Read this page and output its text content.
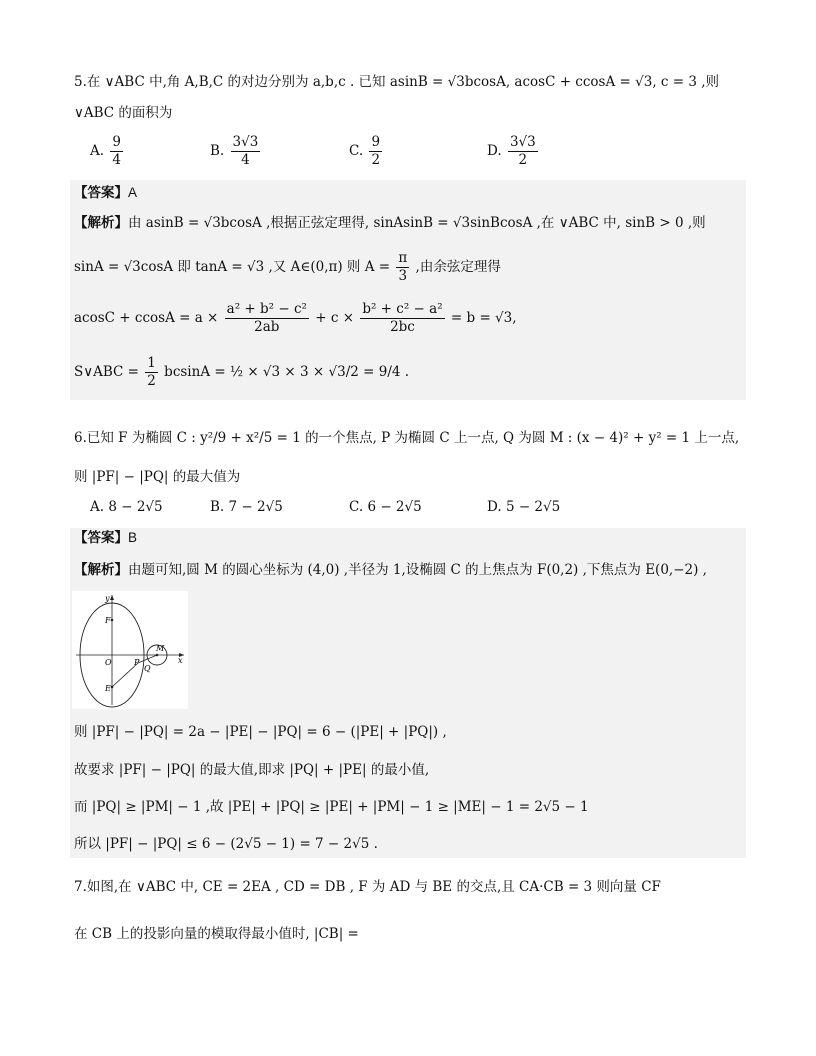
5.在 ∨ABC 中,角 A,B,C 的对边分别为 a,b,c . 已知 asinB = √3bcosA, acosC + ccosA = √3, c = 3 ,则
∨ABC 的面积为
A. $\frac{9}{4}$	B. $\frac{3√3}{4}$	C. $\frac{9}{2}$	D. $\frac{3√3}{2}$
【答案】A
【解析】由 asinB = √3bcosA ,根据正弦定理得, sinAsinB = √3sinBcosA ,在 ∨ABC 中, sinB > 0 ,则
sinA = √3cosA 即 tanA = √3 ,又 A∈(0,π) 则 $A = \frac{\pi}{3}$ ,由余弦定理得
$acosC + ccosA = a \times \frac{\text{a² + b² − c²}}{2ab} + c \times \frac{\text{b² + c² − a²}}{2bc} = b = √3$,
S∨ABC = $\frac{1}{2}$ bcsinA = ½ × √3 × 3 × √3/2 = 9/4 .
6.已知 F 为椭圆 C : y²/9 + x²/5 = 1 的一个焦点, P 为椭圆 C 上一点, Q 为圆 M : (x − 4)² + y² = 1 上一点,
则 |PF| − |PQ| 的最大值为
A. 8 − 2√5	B. 7 − 2√5	C. 6 − 2√5	D. 5 − 2√5
【答案】B
【解析】由题可知,圆 M 的圆心坐标为 (4,0) ,半径为 1,设椭圆 C 的上焦点为 F(0,2) ,下焦点为 E(0,−2) ,
y
x
F
O	P
Q
M
E
则 |PF| − |PQ| = 2a − |PE| − |PQ| = 6 − (|PE| + |PQ|) ,
故要求 |PF| − |PQ| 的最大值,即求 |PQ| + |PE| 的最小值,
而 |PQ| ≥ |PM| − 1 ,故 |PE| + |PQ| ≥ |PE| + |PM| − 1 ≥ |ME| − 1 = 2√5 − 1
所以 |PF| − |PQ| ≤ 6 − (2√5 − 1) = 7 − 2√5 .
7.如图,在 ∨ABC 中, CE = 2EA , CD = DB , F 为 AD 与 BE 的交点,且 CA·CB = 3 则向量 CF
在 CB 上的投影向量的模取得最小值时, |CB| =
